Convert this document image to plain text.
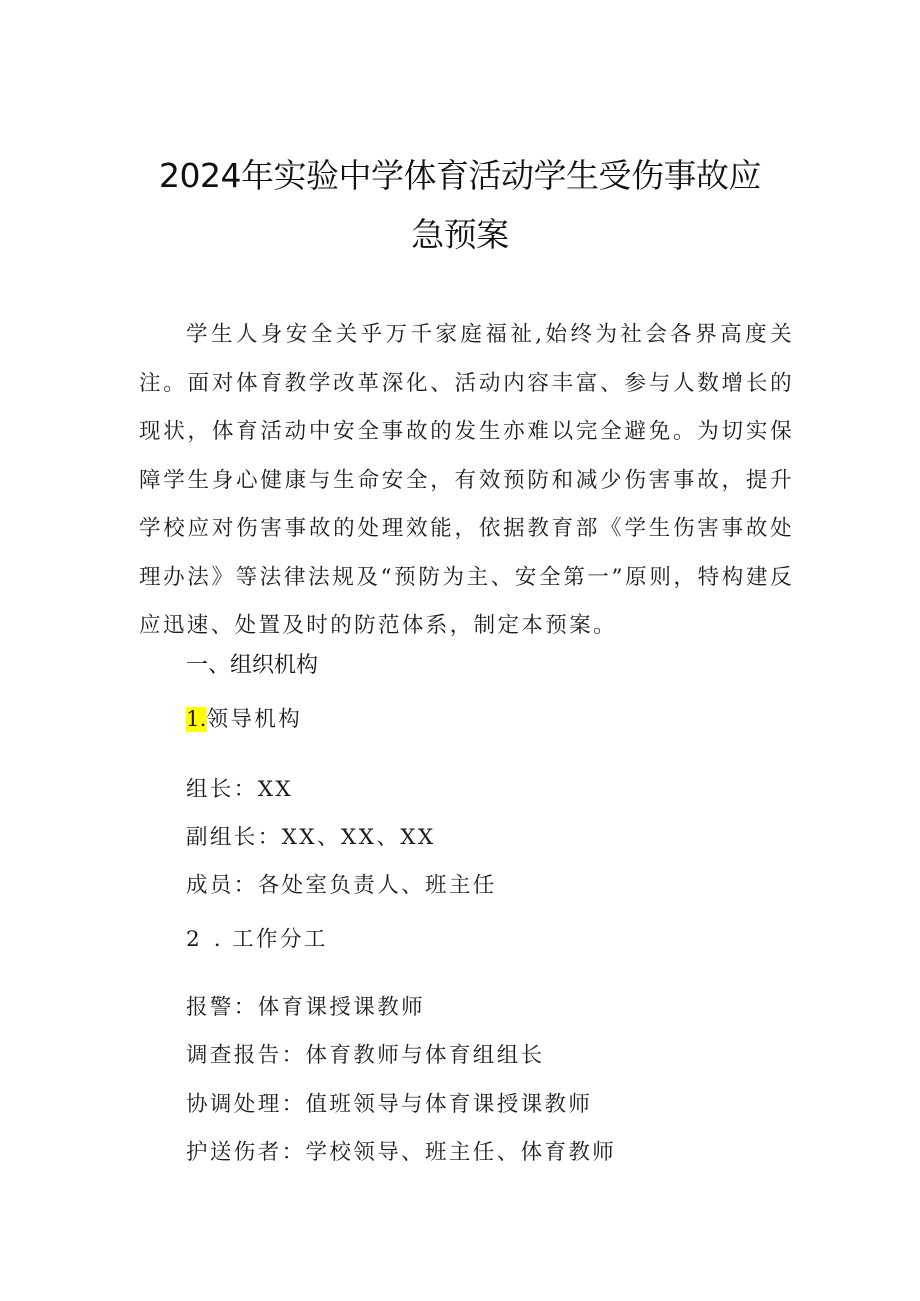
2024年实验中学体育活动学生受伤事故应
急预案

学生人身安全关乎万千家庭福祉,始终为社会各界高度关注。面对体育教学改革深化、活动内容丰富、参与人数增长的现状，体育活动中安全事故的发生亦难以完全避免。为切实保障学生身心健康与生命安全，有效预防和减少伤害事故，提升学校应对伤害事故的处理效能，依据教育部《学生伤害事故处理办法》等法律法规及“预防为主、安全第一”原则，特构建反应迅速、处置及时的防范体系，制定本预案。

一、组织机构
1.领导机构
组长：XX
副组长：XX、XX、XX
成员：各处室负责人、班主任
2 . 工作分工
报警：体育课授课教师
调查报告：体育教师与体育组组长
协调处理：值班领导与体育课授课教师
护送伤者：学校领导、班主任、体育教师
